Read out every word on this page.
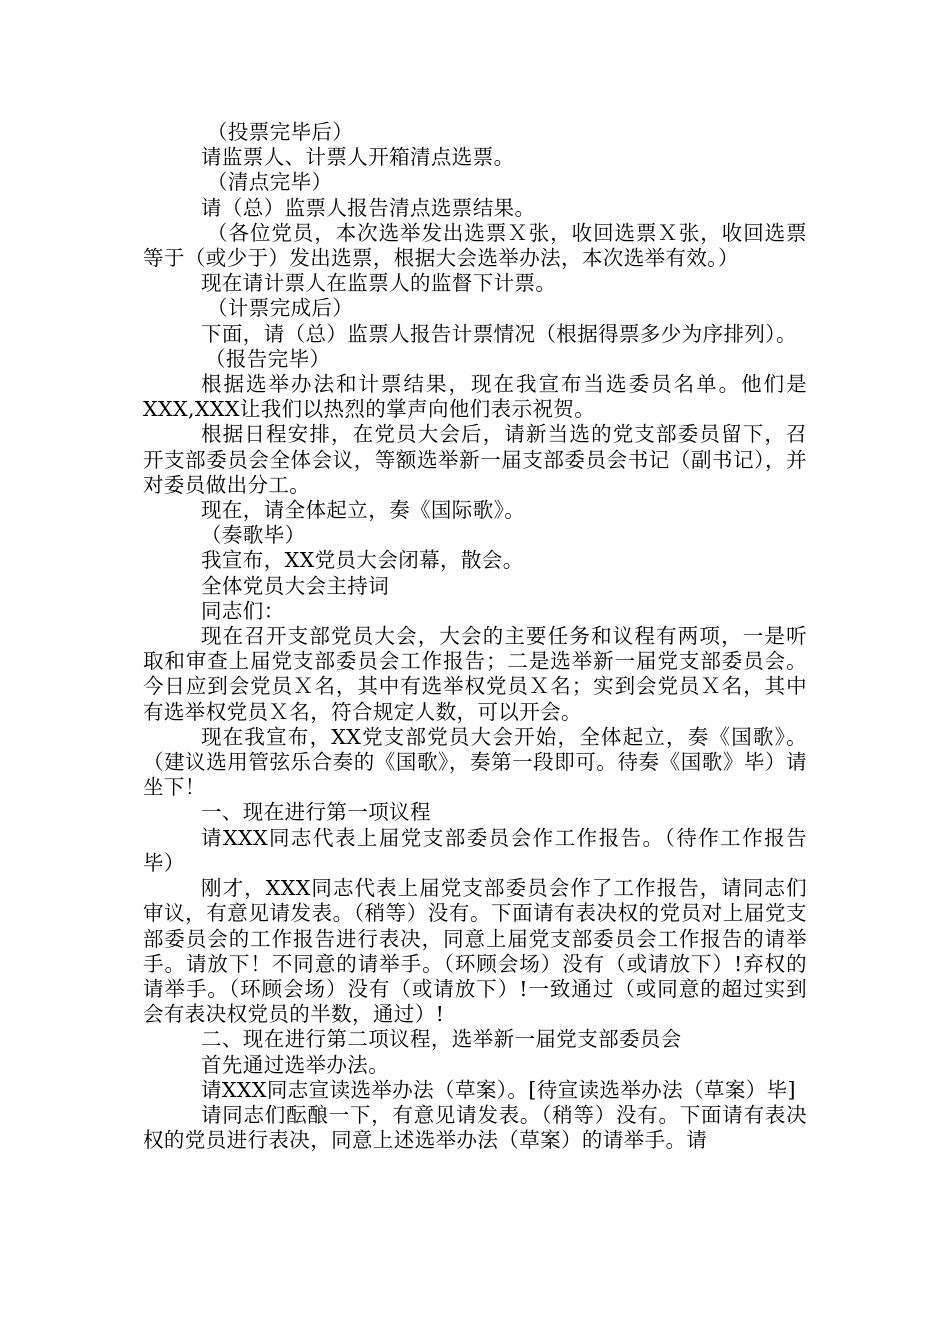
（投票完毕后）

请监票人、计票人开箱清点选票。

（清点完毕）

请（总）监票人报告清点选票结果。

（各位党员，本次选举发出选票Ｘ张，收回选票Ｘ张，收回选票等于（或少于）发出选票，根据大会选举办法，本次选举有效。）

现在请计票人在监票人的监督下计票。

（计票完成后）

下面，请（总）监票人报告计票情况（根据得票多少为序排列）。

（报告完毕）

根据选举办法和计票结果，现在我宣布当选委员名单。他们是XXX,XXX让我们以热烈的掌声向他们表示祝贺。

根据日程安排，在党员大会后，请新当选的党支部委员留下，召开支部委员会全体会议，等额选举新一届支部委员会书记（副书记），并对委员做出分工。

现在，请全体起立，奏《国际歌》。

（奏歌毕）

我宣布，XX党员大会闭幕，散会。

全体党员大会主持词

同志们：

现在召开支部党员大会，大会的主要任务和议程有两项，一是听取和审查上届党支部委员会工作报告；二是选举新一届党支部委员会。今日应到会党员Ｘ名，其中有选举权党员Ｘ名；实到会党员Ｘ名，其中有选举权党员Ｘ名，符合规定人数，可以开会。

现在我宣布，XX党支部党员大会开始，全体起立，奏《国歌》。（建议选用管弦乐合奏的《国歌》，奏第一段即可。待奏《国歌》毕）请坐下！

一、现在进行第一项议程

请XXX同志代表上届党支部委员会作工作报告。（待作工作报告毕）

刚才，XXX同志代表上届党支部委员会作了工作报告，请同志们审议，有意见请发表。（稍等）没有。下面请有表决权的党员对上届党支部委员会的工作报告进行表决，同意上届党支部委员会工作报告的请举手。请放下！不同意的请举手。（环顾会场）没有（或请放下）!弃权的请举手。（环顾会场）没有（或请放下）!一致通过（或同意的超过实到会有表决权党员的半数，通过）!

二、现在进行第二项议程，选举新一届党支部委员会

首先通过选举办法。

请XXX同志宣读选举办法（草案）。[待宣读选举办法（草案）毕]

请同志们酝酿一下，有意见请发表。（稍等）没有。下面请有表决权的党员进行表决，同意上述选举办法（草案）的请举手。请
